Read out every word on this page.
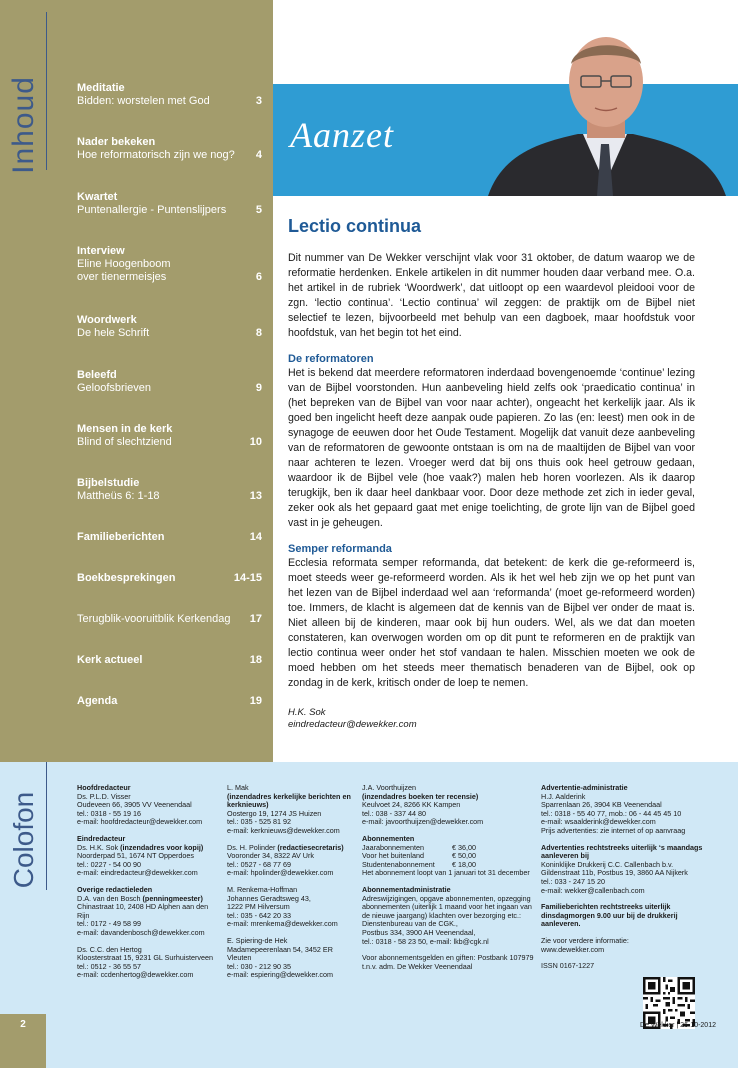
Inhoud	Meditatie
Bidden: worstelen met God	3
Nader bekeken
Hoe reformatorisch zijn we nog?	4
Kwartet
Puntenallergie - Puntenslijpers	5
Interview
Eline Hoogenboom
over tienermeisjes	6
Woordwerk
De hele Schrift	8
Beleefd
Geloofsbrieven	9
Mensen in de kerk
Blind of slechtziend	10
Bijbelstudie
Mattheüs 6: 1-18	13
Familieberichten	14
Boekbesprekingen	14-15
Terugblik-vooruitblik Kerkendag	17
Kerk actueel	18
Agenda	19
Aanzet
Lectio continua

Dit nummer van De Wekker verschijnt vlak voor 31 oktober, de datum waarop we de reformatie herdenken. Enkele artikelen in dit nummer houden daar verband mee. O.a. het artikel in de rubriek ‘Woordwerk’, dat uitloopt op een waardevol pleidooi voor de zgn. ‘lectio continua’. ‘Lectio continua’ wil zeggen: de praktijk om de Bijbel niet selectief te lezen, bijvoorbeeld met behulp van een dagboek, maar hoofdstuk voor hoofdstuk, van het begin tot het eind.

De reformatoren

Het is bekend dat meerdere reformatoren inderdaad bovengenoemde ‘continue’ lezing van de Bijbel voorstonden. Hun aanbeveling hield zelfs ook ‘praedicatio continua’ in (het bepreken van de Bijbel van voor naar achter), ongeacht het kerkelijk jaar. Als ik goed ben ingelicht heeft deze aanpak oude papieren. Zo las (en: leest) men ook in de synagoge de eeuwen door het Oude Testament. Mogelijk dat vanuit deze aanbeveling van de reformatoren de gewoonte ontstaan is om na de maaltijden de Bijbel van voor naar achteren te lezen. Vroeger werd dat bij ons thuis ook heel getrouw gedaan, waardoor ik de Bijbel vele (hoe vaak?) malen heb horen voorlezen. Als ik daarop terugkijk, ben ik daar heel dankbaar voor. Door deze methode zet zich in ieder geval, zeker ook als het gepaard gaat met enige toelichting, de grote lijn van de Bijbel goed vast in je geheugen.

Semper reformanda

Ecclesia reformata semper reformanda, dat betekent: de kerk die ge-reformeerd is, moet steeds weer ge-reformeerd worden. Als ik het wel heb zijn we op het punt van het lezen van de Bijbel inderdaad wel aan ‘reformanda’ (moet ge-reformeerd worden) toe. Immers, de klacht is algemeen dat de kennis van de Bijbel ver onder de maat is. Niet alleen bij de kinderen, maar ook bij hun ouders. Wel, als we dat dan moeten constateren, kan overwogen worden om op dit punt te reformeren en de praktijk van lectio continua weer onder het stof vandaan te halen. Misschien moeten we ook de moed hebben om het steeds meer thematisch benaderen van de Bijbel, ook op zondag in de kerk, kritisch onder de loep te nemen.

H.K. Sok
eindredacteur@dewekker.com
Colofon
Hoofdredacteur
Ds. P.L.D. Visser
Oudeveen 66, 3905 VV Veenendaal
tel.: 0318 - 55 19 16
e-mail: hoofdredacteur@dewekker.com
Eindredacteur
Ds. H.K. Sok (inzendadres voor kopij)
Noorderpad 51, 1674 NT Opperdoes
tel.: 0227 - 54 00 90
e-mail: eindredacteur@dewekker.com
Overige redactieleden
D.A. van den Bosch (penningmeester)
Chinastraat 10, 2408 HD Alphen aan den Rijn
tel.: 0172 - 49 58 99
e-mail: davandenbosch@dewekker.com
Ds. C.C. den Hertog
Kloosterstraat 15, 9231 GL Surhuisterveen
tel.: 0512 - 36 55 57
e-mail: ccdenhertog@dewekker.com
L. Mak
(inzendadres kerkelijke berichten en kerknieuws)
Oostergo 19, 1274 JS Huizen
tel.: 035 - 525 81 92
e-mail: kerknieuws@dewekker.com
Ds. H. Polinder (redactiesecretaris)
Vooronder 34, 8322 AV Urk
tel.: 0527 - 68 77 69
e-mail: hpolinder@dewekker.com
M. Renkema-Hoffman
Johannes Geradtsweg 43,
1222 PM Hilversum
tel.: 035 - 642 20 33
e-mail: mrenkema@dewekker.com
E. Spiering-de Hek
Madamepeerenlaan 54, 3452 ER Vleuten
tel.: 030 - 212 90 35
e-mail: espiering@dewekker.com
J.A. Voorthuijzen
(inzendadres boeken ter recensie)
Keulvoet 24, 8266 KK Kampen
tel.: 038 - 337 44 80
e-mail: javoorthuijzen@dewekker.com
Abonnementen
Jaarabonnementen	€ 36,00
Voor het buitenland	€ 50,00
Studentenabonnement	€ 18,00
Het abonnement loopt van 1 januari tot 31 december
Abonnementadministratie
Adreswijzigingen, opgave abonnementen, opzegging
abonnementen (uiterlijk 1 maand voor het ingaan van
de nieuwe jaargang) klachten over bezorging etc.:
Dienstenbureau van de CGK.,
Postbus 334, 3900 AH Veenendaal,
tel.: 0318 - 58 23 50, e-mail: lkb@cgk.nl
Voor abonnementsgelden en giften: Postbank 107979
t.n.v. adm. De Wekker Veenendaal
Advertentie-administratie
H.J. Aalderink
Sparrenlaan 26, 3904 KB Veenendaal
tel.: 0318 - 55 40 77, mob.: 06 - 44 45 45 10
e-mail: wsaalderink@dewekker.com
Prijs advertenties: zie internet of op aanvraag
Advertenties rechtstreeks uiterlijk ‘s maandags aanleveren bij
Koninklijke Drukkerij C.C. Callenbach b.v.
Gildenstraat 11b, Postbus 19, 3860 AA Nijkerk
tel.: 033 - 247 15 20
e-mail: wekker@callenbach.com
Familieberichten rechtstreeks uiterlijk dinsdagmorgen 9.00 uur bij de drukkerij aanleveren.
Zie voor verdere informatie:
www.dewekker.com
ISSN 0167-1227
2	De Wekker | 26-10-2012
